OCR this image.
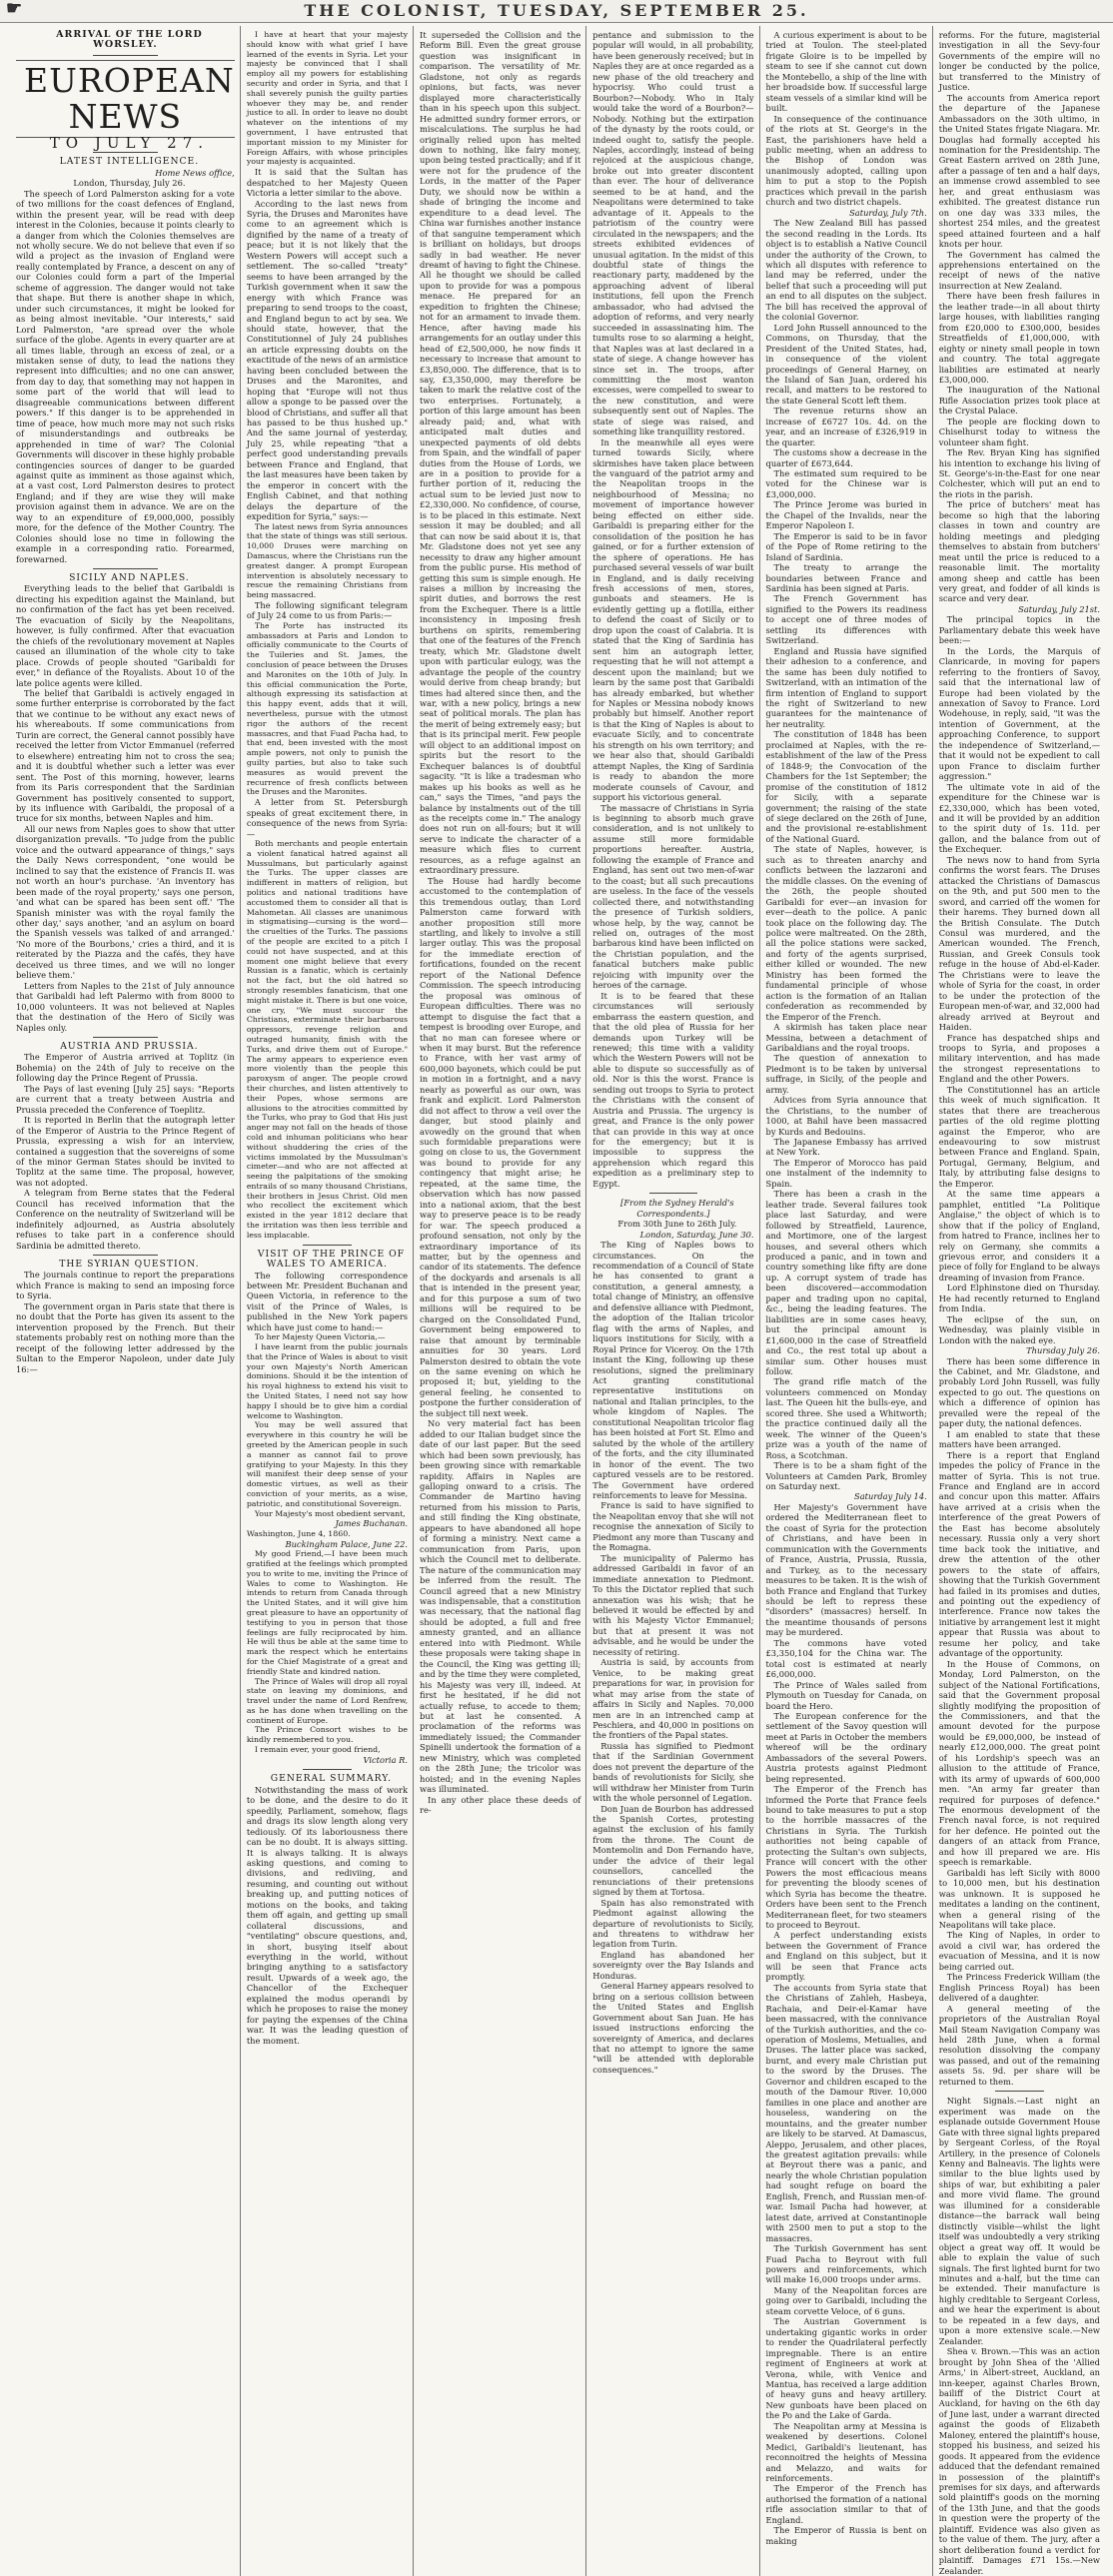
☛	THE COLONIST, TUESDAY, SEPTEMBER 25.

ARRIVAL OF THE LORD WORSLEY.

EUROPEAN NEWS

TO JULY 27.

LATEST INTELLIGENCE.

Home News office,

London, Thursday, July 26.

The speech of Lord Palmerston asking for a vote of two millions for the coast defences of England, within the present year, will be read with deep interest in the Colonies, because it points clearly to a danger from which the Colonies themselves are not wholly secure. We do not believe that even if so wild a project as the invasion of England were really contemplated by France, a descent on any of our Colonies could form a part of the Imperial scheme of aggression. The danger would not take that shape. But there is another shape in which, under such circumstances, it might be looked for as being almost inevitable. "Our interests," said Lord Palmerston, "are spread over the whole surface of the globe. Agents in every quarter are at all times liable, through an excess of zeal, or a mistaken sense of duty, to lead the nations they represent into difficulties; and no one can answer, from day to day, that something may not happen in some part of the world that will lead to disagreeable communications between different powers." If this danger is to be apprehended in time of peace, how much more may not such risks of misunderstandings and outbreaks be apprehended in time of war? The Colonial Governments will discover in these highly probable contingencies sources of danger to be guarded against quite as imminent as those against which, at a vast cost, Lord Palmerston desires to protect England; and if they are wise they will make provision against them in advance. We are on the way to an expenditure of £9,000,000, possibly more, for the defence of the Mother Country. The Colonies should lose no time in following the example in a corresponding ratio. Forearmed, forewarned.

SICILY AND NAPLES.

Everything leads to the belief that Garibaldi is directing his expedition against the Mainland, but no confirmation of the fact has yet been received. The evacuation of Sicily by the Neapolitans, however, is fully confirmed. After that evacuation the chiefs of the revolutionary movement at Naples caused an illumination of the whole city to take place. Crowds of people shouted "Garibaldi for ever," in defiance of the Royalists. About 10 of the late police agents were killed.

The belief that Garibaldi is actively engaged in some further enterprise is corroborated by the fact that we continue to be without any exact news of his whereabouts. If some communications from Turin are correct, the General cannot possibly have received the letter from Victor Emmanuel (referred to elsewhere) entreating him not to cross the sea; and it is doubtful whether such a letter was ever sent. The Post of this morning, however, learns from its Paris correspondent that the Sardinian Government has positively consented to support, by its influence with Garibaldi, the proposal of a truce for six months, between Naples and him.

All our news from Naples goes to show that utter disorganization prevails. "To judge from the public voice and the outward appearance of things," says the Daily News correspondent, "one would be inclined to say that the existence of Francis II. was not worth an hour's purchase. 'An inventory has been made of the royal property,' says one person, 'and what can be spared has been sent off.' 'The Spanish minister was with the royal family the other day,' says another, 'and an asylum on board the Spanish vessels was talked of and arranged.' 'No more of the Bourbons,' cries a third, and it is reiterated by the Piazza and the cafés, they have deceived us three times, and we will no longer believe them.'

Letters from Naples to the 21st of July announce that Garibaldi had left Palermo with from 8000 to 10,000 volunteers. It was not believed at Naples that the destination of the Hero of Sicily was Naples only.

AUSTRIA AND PRUSSIA.

The Emperor of Austria arrived at Toplitz (in Bohemia) on the 24th of July to receive on the following day the Prince Regent of Prussia.

The Pays of last evening [July 25] says: "Reports are current that a treaty between Austria and Prussia preceded the Conference of Toeplitz.

It is reported in Berlin that the autograph letter of the Emperor of Austria to the Prince Regent of Prussia, expressing a wish for an interview, contained a suggestion that the sovereigns of some of the minor German States should be invited to Toplitz at the same time. The proposal, however, was not adopted.

A telegram from Berne states that the Federal Council has received information that the Conference on the neutrality of Switzerland will be indefinitely adjourned, as Austria absolutely refuses to take part in a conference should Sardinia be admitted thereto.

THE SYRIAN QUESTION.

The journals continue to report the preparations which France is making to send an imposing force to Syria.

The government organ in Paris state that there is no doubt that the Porte has given its assent to the intervention proposed by the French. But their statements probably rest on nothing more than the receipt of the following letter addressed by the Sultan to the Emperor Napoleon, under date July 16:—

I have at heart that your majesty should know with what grief I have learned of the events in Syria. Let your majesty be convinced that I shall employ all my powers for establishing security and order in Syria, and that I shall severely punish the guilty parties whoever they may be, and render justice to all. In order to leave no doubt whatever on the intentions of my government, I have entrusted that important mission to my Minister for Foreign Affairs, with whose principles your majesty is acquainted.

It is said that the Sultan has despatched to her Majesty Queen Victoria a letter similar to the above.

According to the last news from Syria, the Druses and Maronites have come to an agreement which is dignified by the name of a treaty of peace; but it is not likely that the Western Powers will accept such a settlement. The so-called "treaty" seems to have been arranged by the Turkish government when it saw the energy with which France was preparing to send troops to the coast, and England begun to act by sea. We should state, however, that the Constitutionnel of July 24 publishes an article expressing doubts on the exactitude of the news of an armistice having been concluded between the Druses and the Maronites, and hoping that "Europe will not thus allow a sponge to be passed over the blood of Christians, and suffer all that has passed to be thus hushed up." And the same journal of yesterday, July 25, while repeating "that a perfect good understanding prevails between France and England, that the last measures have been taken by the emperor in concert with the English Cabinet, and that nothing delays the departure of the expedition for Syria," says:—

The latest news from Syria announces that the state of things was still serious. 10,000 Druses were marching on Damascus, where the Christians run the greatest danger. A prompt European intervention is absolutely necessary to rescue the remaining Christians from being massacred.

The following significant telegram of July 24 come to us from Paris:—

The Porte has instructed its ambassadors at Paris and London to officially communicate to the Courts of the Tuileries and St. James, the conclusion of peace between the Druses and Maronites on the 10th of July. In this official communication the Porte, although expressing its satisfaction at this happy event, adds that it will, nevertheless, pursue with the utmost rigor the authors of the recent massacres, and that Fuad Pacha had, to that end, been invested with the most ample powers, not only to punish the guilty parties, but also to take such measures as would prevent the recurrence of fresh conflicts between the Druses and the Maronites.

A letter from St. Petersburgh speaks of great excitement there, in consequence of the news from Syria:—

Both merchants and people entertain a violent fanatical hatred against all Mussulmans, but particularly against the Turks. The upper classes are indifferent in matters of religion, but politics and national traditions have accustomed them to consider all that is Mahometan. All classes are unanimous in stigmatising—cursing is the word—the cruelties of the Turks. The passions of the people are excited to a pitch I could not have suspected, and at this moment one might believe that every Russian is a fanatic, which is certainly not the fact, but the old hatred so strongly resembles fanaticism, that one might mistake it. There is but one voice, one cry, "We must succour the Christians, exterminate their barbarous oppressors, revenge religion and outraged humanity, finish with the Turks, and drive them out of Europe." The army appears to experience even more violently than the people this paroxysm of anger. The people crowd their churches, and listen attentively to their Popes, whose sermons are allusions to the atrocities committed by the Turks, who pray to God that His just anger may not fall on the heads of those cold and inhuman politicians who hear without shuddering the cries of the victims immolated by the Mussulman's cimeter—and who are not affected at seeing the palpitations of the smoking entrails of so many thousand Christians, their brothers in Jesus Christ. Old men who recollect the excitement which existed in the year 1812 declare that the irritation was then less terrible and less implacable.

VISIT OF THE PRINCE OF WALES TO AMERICA.

The following correspondence between Mr. President Buchanan and Queen Victoria, in reference to the visit of the Prince of Wales, is published in the New York papers which have just come to hand:—

To her Majesty Queen Victoria,—

I have learnt from the public journals that the Prince of Wales is about to visit your own Majesty's North American dominions. Should it be the intention of his royal highness to extend his visit to the United States, I need not say how happy I should be to give him a cordial welcome to Washington.

You may be well assured that everywhere in this country he will be greeted by the American people in such a manner as cannot fail to prove gratifying to your Majesty. In this they will manifest their deep sense of your domestic virtues, as well as their conviction of your merits, as a wise, patriotic, and constitutional Sovereign.

Your Majesty's most obedient servant,

James Buchanan.

Washington, June 4, 1860.

Buckingham Palace, June 22.

My good Friend,—I have been much gratified at the feelings which prompted you to write to me, inviting the Prince of Wales to come to Washington. He intends to return from Canada through the United States, and it will give him great pleasure to have an opportunity of testifying to you in person that those feelings are fully reciprocated by him. He will thus be able at the same time to mark the respect which he entertains for the Chief Magistrate of a great and friendly State and kindred nation.

The Prince of Wales will drop all royal state on leaving my dominions, and travel under the name of Lord Renfrew, as he has done when travelling on the continent of Europe.

The Prince Consort wishes to be kindly remembered to you.

I remain ever, your good friend,

Victoria R.

GENERAL SUMMARY.

Notwithstanding the mass of work to be done, and the desire to do it speedily, Parliament, somehow, flags and drags its slow length along very tediously. Of its laboriousness there can be no doubt. It is always sitting. It is always talking. It is always asking questions, and coming to divisions, and rediviing, and resuming, and counting out without breaking up, and putting notices of motions on the books, and taking them off again, and getting up small collateral discussions, and "ventilating" obscure questions, and, in short, busying itself about everything in the world, without bringing anything to a satisfactory result. Upwards of a week ago, the Chancellor of the Exchequer explained the modus operandi by which he proposes to raise the money for paying the expenses of the China war. It was the leading question of the moment.

It superseded the Collision and the Reform Bill. Even the great grouse question was insignificant in comparison. The versatility of Mr. Gladstone, not only as regards opinions, but facts, was never displayed more characteristically than in his speech upon this subject. He admitted sundry former errors, or miscalculations. The surplus he had originally relied upon has melted down to nothing, like fairy money, upon being tested practically; and if it were not for the prudence of the Lords, in the matter of the Paper Duty, we should now be within a shade of bringing the income and expenditure to a dead level. The China war furnishes another instance of that sanguine temperament which is brilliant on holidays, but droops sadly in bad weather. He never dreamt of having to fight the Chinese. All he thought we should be called upon to provide for was a pompous menace. He prepared for an expedition to frighten the Chinese; not for an armament to invade them. Hence, after having made his arrangements for an outlay under this head of £2,500,000, he now finds it necessary to increase that amount to £3,850,000. The difference, that is to say, £3,350,000, may therefore be taken to mark the relative cost of the two enterprises. Fortunately, a portion of this large amount has been already paid; and, what with anticipated malt duties and unexpected payments of old debts from Spain, and the windfall of paper duties from the House of Lords, we are in a position to provide for a further portion of it, reducing the actual sum to be levied just now to £2,330,000. No confidence, of course, is to be placed in this estimate. Next session it may be doubled; and all that can now be said about it is, that Mr. Gladstone does not yet see any necessity to draw any higher amount from the public purse. His method of getting this sum is simple enough. He raises a million by increasing the spirit duties, and borrows the rest from the Exchequer. There is a little inconsistency in imposing fresh burthens on spirits, remembering that one of the features of the French treaty, which Mr. Gladstone dwelt upon with particular eulogy, was the advantage the people of the country would derive from cheap brandy; but times had altered since then, and the war, with a new policy, brings a new seat of political morals. The plan has the merit of being extremely easy; but that is its principal merit. Few people will object to an additional impost on spirits but the resort to the Exchequer balances is of doubtful sagacity. "It is like a tradesman who makes up his books as well as he can," says the Times, "and pays the balance by instalments out of the till as the receipts come in." The analogy does not run on all-fours; but it will serve to indicate the character of a measure which flies to current resources, as a refuge against an extraordinary pressure.

The House had hardly become accustomed to the contemplation of this tremendous outlay, than Lord Palmerston came forward with another proposition still more startling, and likely to involve a still larger outlay. This was the proposal for the immediate erection of fortifications, founded on the recent report of the National Defence Commission. The speech introducing the proposal was ominous of European difficulties. There was no attempt to disguise the fact that a tempest is brooding over Europe, and that no man can foresee where or when it may burst. But the reference to France, with her vast army of 600,000 bayonets, which could be put in motion in a fortnight, and a navy nearly as powerful as our own, was frank and explicit. Lord Palmerston did not affect to throw a veil over the danger, but stood plainly and avowedly on the ground that when such formidable preparations were going on close to us, the Government was bound to provide for any contingency that might arise; he repeated, at the same time, the observation which has now passed into a national axiom, that the best way to preserve peace is to be ready for war. The speech produced a profound sensation, not only by the extraordinary importance of its matter, but by the openness and candor of its statements. The defence of the dockyards and arsenals is all that is intended in the present year, and for this purpose a sum of two millions will be required to be charged on the Consolidated Fund, Government being empowered to raise that amount by terminable annuities for 30 years. Lord Palmerston desired to obtain the vote on the same evening on which he proposed it; but, yielding to the general feeling, he consented to postpone the further consideration of the subject till next week.

No very material fact has been added to our Italian budget since the date of our last paper. But the seed which had been sown previously, has been growing since with remarkable rapidity. Affairs in Naples are galloping onward to a crisis. The Commander de Martino having returned from his mission to Paris, and still finding the King obstinate, appears to have abandoned all hope of forming a ministry. Next came a communication from Paris, upon which the Council met to deliberate. The nature of the communication may be inferred from the result. The Council agreed that a new Ministry was indispensable, that a constitution was necessary, that the national flag should be adopted, a full and free amnesty granted, and an alliance entered into with Piedmont. While these proposals were taking shape in the Council, the King was getting ill; and by the time they were completed, his Majesty was very ill, indeed. At first he hesitated, if he did not actually refuse, to accede to them; but at last he consented. A proclamation of the reforms was immediately issued; the Commander Spinelli undertook the formation of a new Ministry, which was completed on the 28th June; the tricolor was hoisted; and in the evening Naples was illuminated.

In any other place these deeds of re-

pentance and submission to the popular will would, in all probability, have been generously received; but in Naples they are at once regarded as a new phase of the old treachery and hypocrisy. Who could trust a Bourbon?—Nobody. Who in Italy would take the word of a Bourbon?—Nobody. Nothing but the extirpation of the dynasty by the roots could, or indeed ought to, satisfy the people. Naples, accordingly, instead of being rejoiced at the auspicious change, broke out into greater discontent than ever. The hour of deliverance seemed to be at hand, and the Neapolitans were determined to take advantage of it. Appeals to the patriotism of the country were circulated in the newspapers; and the streets exhibited evidences of unusual agitation. In the midst of this doubtful state of things the reactionary party, maddened by the approaching advent of liberal institutions, fell upon the French ambassador, who had advised the adoption of reforms, and very nearly succeeded in assassinating him. The tumults rose to so alarming a height, that Naples was at last declared in a state of siege. A change however has since set in. The troops, after committing the most wanton excesses, were compelled to swear to the new constitution, and were subsequently sent out of Naples. The state of siege was raised, and something like tranquillity restored.

In the meanwhile all eyes were turned towards Sicily, where skirmishes have taken place between the vanguard of the patriot army and the Neapolitan troops in the neighbourhood of Messina; no movement of importance however being effected on either side. Garibaldi is preparing either for the consolidation of the position he has gained, or for a further extension of the sphere of operations. He has purchased several vessels of war built in England, and is daily receiving fresh accessions of men, stores, gunboats and steamers. He is evidently getting up a flotilla, either to defend the coast of Sicily or to drop upon the coast of Calabria. It is stated that the King of Sardinia has sent him an autograph letter, requesting that he will not attempt a descent upon the mainland; but we learn by the same post that Garibaldi has already embarked, but whether for Naples or Messina nobody knows probably but himself. Another report is that the King of Naples is about to evacuate Sicily, and to concentrate his strength on his own territory; and we hear also that, should Garibaldi attempt Naples, the King of Sardinia is ready to abandon the more moderate counsels of Cavour, and support his victorious general.

The massacre of Christians in Syria is beginning to absorb much grave consideration, and is not unlikely to assume still more formidable proportions hereafter. Austria, following the example of France and England, has sent out two men-of-war to the coast; but all such precautions are useless. In the face of the vessels collected there, and notwithstanding the presence of Turkish soldiers, whose help, by the way, cannot be relied on, outrages of the most barbarous kind have been inflicted on the Christian population, and the fanatical butchers make public rejoicing with impunity over the heroes of the carnage.

It is to be feared that these circumstances will seriously embarrass the eastern question, and that the old plea of Russia for her demands upon Turkey will be renewed; this time with a validity which the Western Powers will not be able to dispute so successfully as of old. Nor is this the worst. France is sending out troops to Syria to protect the Christians with the consent of Austria and Prussia. The urgency is great, and France is the only power that can provide in this way at once for the emergency; but it is impossible to suppress the apprehension which regard this expedition as a preliminary step to Egypt.

[From the Sydney Herald's Correspondents.]

From 30th June to 26th July.

London, Saturday, June 30.

The King of Naples bows to circumstances. On the recommendation of a Council of State he has consented to grant a constitution, a general amnesty, a total change of Ministry, an offensive and defensive alliance with Piedmont, the adoption of the Italian tricolor flag with the arms of Naples, and liquors institutions for Sicily, with a Royal Prince for Viceroy. On the 17th instant the King, following up these resolutions, signed the preliminary Act granting constitutional representative institutions on national and Italian principles, to the whole kingdom of Naples. The constitutional Neapolitan tricolor flag has been hoisted at Fort St. Elmo and saluted by the whole of the artillery of the forts, and the city illuminated in honor of the event. The two captured vessels are to be restored. The Government have ordered reinforcements to leave for Messina.

France is said to have signified to the Neapolitan envoy that she will not recognise the annexation of Sicily to Piedmont any more than Tuscany and the Romagna.

The municipality of Palermo has addressed Garibaldi in favor of an immediate annexation to Piedmont. To this the Dictator replied that such annexation was his wish; that he believed it would be effected by and with his Majesty Victor Emmanuel; but that at present it was not advisable, and he would be under the necessity of retiring.

Austria is said, by accounts from Venice, to be making great preparations for war, in provision for what may arise from the state of affairs in Sicily and Naples. 70,000 men are in an intrenched camp at Peschiera, and 40,000 in positions on the frontiers of the Papal states.

Russia has signified to Piedmont that if the Sardinian Government does not prevent the departure of the bands of revolutionists for Sicily, she will withdraw her Minister from Turin with the whole personnel of Legation.

Don Juan de Bourbon has addressed the Spanish Cortes, protesting against the exclusion of his family from the throne. The Count de Montemolin and Don Fernando have, under the advice of their legal counsellors, cancelled the renunciations of their pretensions signed by them at Tortosa.

Spain has also remonstrated with Piedmont against allowing the departure of revolutionists to Sicily, and threatens to withdraw her legation from Turin.

England has abandoned her sovereignty over the Bay Islands and Honduras.

General Harney appears resolved to bring on a serious collision between the United States and English Government about San Juan. He has issued instructions enforcing the sovereignty of America, and declares that no attempt to ignore the same "will be attended with deplorable consequences."

A curious experiment is about to be tried at Toulon. The steel-plated frigate Gloire is to be impelled by steam to see if she cannot cut down the Montebello, a ship of the line with her broadside bow. If successful large steam vessels of a similar kind will be built.

In consequence of the continuance of the riots at St. George's in the East, the parishioners have held a public meeting, when an address to the Bishop of London was unanimously adopted, calling upon him to put a stop to the Popish practices which prevail in the parish church and two district chapels.

Saturday, July 7th.

The New Zealand Bill has passed the second reading in the Lords. Its object is to establish a Native Council under the authority of the Crown, to which all disputes with reference to land may be referred, under the belief that such a proceeding will put an end to all disputes on the subject. The bill has received the approval of the colonial Governor.

Lord John Russell announced to the Commons, on Thursday, that the President of the United States, had, in consequence of the violent proceedings of General Harney, on the Island of San Juan, ordered his recall, and matters to be restored to the state General Scott left them.

The revenue returns show an increase of £6727 10s. 4d. on the year, and an increase of £326,919 in the quarter.

The customs show a decrease in the quarter of £673,644.

The estimated sum required to be voted for the Chinese war is £3,000,000.

The Prince Jerome was buried in the Chapel of the Invalids, near the Emperor Napoleon I.

The Emperor is said to be in favor of the Pope of Rome retiring to the Island of Sardinia.

The treaty to arrange the boundaries between France and Sardinia has been signed at Paris.

The French Government has signified to the Powers its readiness to accept one of three modes of settling its differences with Switzerland.

England and Russia have signified their adhesion to a conference, and the same has been duly notified to Switzerland, with an intimation of the firm intention of England to support the right of Switzerland to new guarantees for the maintenance of her neutrality.

The constitution of 1848 has been proclaimed at Naples, with the re-establishment of the law of the Press of 1848-9; the Convocation of the Chambers for the 1st September; the promise of the constitution of 1812 for Sicily, with a separate government; the raising of the state of siege declared on the 26th of June, and the provisional re-establishment of the National Guard.

The state of Naples, however, is such as to threaten anarchy and conflicts between the lazzaroni and the middle classes. On the evening of the 26th, the people shouted Garibaldi for ever—an invasion for ever—death to the police. A panic took place on the following day. The police were maltreated. On the 28th, all the police stations were sacked, and forty of the agents surprised, either killed or wounded. The new Ministry has been formed the fundamental principle of whose action is the formation of an Italian confederation as recommended by the Emperor of the French.

A skirmish has taken place near Messina, between a detachment of Garibaldians and the royal troops.

The question of annexation to Piedmont is to be taken by universal suffrage, in Sicily, of the people and army.

Advices from Syria announce that the Christians, to the number of 1000, at Bahil have been massacred by Kurds and Bedouins.

The Japanese Embassy has arrived at New York.

The Emperor of Morocco has paid one instalment of the indemnity to Spain.

There has been a crash in the leather trade. Several failures took place last Saturday, and were followed by Streatfield, Laurence, and Mortimore, one of the largest houses, and several others which produced a panic, and in town and country something like fifty are done up. A corrupt system of trade has been discovered—accommodation paper and trading upon no capital, &c., being the leading features. The liabilities are in some cases heavy, but the principal amount is £1,600,000 in the case of Streatfield and Co., the rest total up about a similar sum. Other houses must follow.

The grand rifle match of the volunteers commenced on Monday last. The Queen hit the bulls-eye, and scored three. She used a Whitworth; the practice continued daily all the week. The winner of the Queen's prize was a youth of the name of Ross, a Scotchman.

There is to be a sham fight of the Volunteers at Camden Park, Bromley on Saturday next.

Saturday July 14.

Her Majesty's Government have ordered the Mediterranean fleet to the coast of Syria for the protection of Christians, and have been in communication with the Governments of France, Austria, Prussia, Russia, and Turkey, as to the necessary measures to be taken. It is the wish of both France and England that Turkey should be left to repress these "disorders" (massacres) herself. In the meantime thousands of persons may be murdered.

The commons have voted £3,350,104 for the China war. The total cost is estimated at nearly £6,000,000.

The Prince of Wales sailed from Plymouth on Tuesday for Canada, on board the Hero.

The European conference for the settlement of the Savoy question will meet at Paris in October the members whereof will be the ordinary Ambassadors of the several Powers. Austria protests against Piedmont being represented.

The Emperor of the French has informed the Porte that France feels bound to take measures to put a stop to the horrible massacres of the Christians in Syria. The Turkish authorities not being capable of protecting the Sultan's own subjects, France will concert with the other Powers the most efficacious means for preventing the bloody scenes of which Syria has become the theatre. Orders have been sent to the French Mediterranean fleet, for two steamers to proceed to Beyrout.

A perfect understanding exists between the Government of France and England on this subject, but it will be seen that France acts promptly.

The accounts from Syria state that the Christians of Zahleh, Hasbeya, Rachaia, and Deir-el-Kamar have been massacred, with the connivance of the Turkish authorities, and the co-operation of Moslems, Metualies, and Druses. The latter place was sacked, burnt, and every male Christian put to the sword by the Druses. The Governor and children escaped to the mouth of the Damour River. 10,000 families in one place and another are houseless, wandering on the mountains, and the greater number are likely to be starved. At Damascus, Aleppo, Jerusalem, and other places, the greatest agitation prevails: while at Beyrout there was a panic, and nearly the whole Christian population had sought refuge on board the English, French, and Russian men-of-war. Ismail Pacha had however, at latest date, arrived at Constantinople with 2500 men to put a stop to the massacres.

The Turkish Government has sent Fuad Pacha to Beyrout with full powers and reinforcements, which will make 16,000 troops under arms.

Many of the Neapolitan forces are going over to Garibaldi, including the steam corvette Veloce, of 6 guns.

The Austrian Government is undertaking gigantic works in order to render the Quadrilateral perfectly impregnable. There is an entire regiment of Engineers at work at Verona, while, with Venice and Mantua, has received a large addition of heavy guns and heavy artillery. New gunboats have been placed on the Po and the Lake of Garda.

The Neapolitan army at Messina is weakened by desertions. Colonel Medici, Garibaldi's lieutenant, has reconnoitred the heights of Messina and Melazzo, and waits for reinforcements.

The Emperor of the French has authorised the formation of a national rifle association similar to that of England.

The Emperor of Russia is bent on making

reforms. For the future, magisterial investigation in all the Sevy-four Governments of the empire will no longer be conducted by the police, but transferred to the Ministry of Justice.

The accounts from America report the departure of the Japanese Ambassadors on the 30th ultimo, in the United States frigate Niagara. Mr. Douglas had formally accepted his nomination for the Presidentship. The Great Eastern arrived on 28th June, after a passage of ten and a half days, an immense crowd assembled to see her, and great enthusiasm was exhibited. The greatest distance run on one day was 333 miles, the shortest 254 miles, and the greatest speed attained fourteen and a half knots per hour.

The Government has calmed the apprehensions entertained on the receipt of news of the native insurrection at New Zealand.

There have been fresh failures in the leather trade—in all about thirty large houses, with liabilities ranging from £20,000 to £300,000, besides Streatfields of £1,000,000, with eighty or ninety small people in town and country. The total aggregate liabilities are estimated at nearly £3,000,000.

The inauguration of the National Rifle Association prizes took place at the Crystal Palace.

The people are flocking down to Chiselhurst today to witness the volunteer sham fight.

The Rev. Bryan King has signified his intention to exchange his living of St. George's-in-the-East for one near Colchester, which will put an end to the riots in the parish.

The price of butchers' meat has become so high that the laboring classes in town and country are holding meetings and pledging themselves to abstain from butchers' meat until the price is reduced to a reasonable limit. The mortality among sheep and cattle has been very great, and fodder of all kinds is scarce and very dear.

Saturday, July 21st.

The principal topics in the Parliamentary debate this week have been:—

In the Lords, the Marquis of Clanricarde, in moving for papers referring to the frontiers of Savoy, said that the international law of Europe had been violated by the annexation of Savoy to France. Lord Wodehouse, in reply, said, "it was the intention of Government, at the approaching Conference, to support the independence of Switzerland,—that it would not be expedient to call upon France to disclaim further aggression."

The ultimate vote in aid of the expenditure for the Chinese war is £2,330,000, which has been voted, and it will be provided by an addition to the spirit duty of 1s. 11d. per gallon, and the balance from out of the Exchequer.

The news now to hand from Syria confirms the worst fears. The Druses attacked the Christians of Damascus on the 9th, and put 500 men to the sword, and carried off the women for their harems. They burned down all the British Consulate. The Dutch Consul was murdered, and the American wounded. The French, Russian, and Greek Consuls took refuge in the house of Abd-el-Kader. The Christians were to leave the whole of Syria for the coast, in order to be under the protection of the European men-of-war, and 32,000 had already arrived at Beyrout and Haiden.

France has despatched ships and troops to Syria, and proposes a military intervention, and has made the strongest representations to England and the other Powers.

The Constitutionnel has an article this week of much signification. It states that there are treacherous parties of the old regime plotting against the Emperor, who are endeavouring to sow mistrust between France and England. Spain, Portugal, Germany, Belgium, and Italy, by attributing false designs to the Emperor.

At the same time appears a pamphlet, entitled "La Politique Anglaise," the object of which is to show that if the policy of England, from hatred to France, inclines her to rely on Germany, she commits a grievous error, and considers it a piece of folly for England to be always dreaming of invasion from France.

Lord Elphinstone died on Thursday. He had recently returned to England from India.

The eclipse of the sun, on Wednesday, was plainly visible in London with the naked eye.

Thursday July 26.

There has been some difference in the Cabinet, and Mr. Gladstone, and probably Lord John Russell, was fully expected to go out. The questions on which a difference of opinion has prevailed were the repeal of the paper duty, the national defences.

I am enabled to state that these matters have been arranged.

There is a report that England impedes the policy of France in the matter of Syria. This is not true. France and England are in accord and concur upon this matter. Affairs have arrived at a crisis when the interference of the great Powers of the East has become absolutely necessary. Russia only a very short time back took the initiative, and drew the attention of the other powers to the state of affairs, showing that the Turkish Government had failed in its promises and duties, and pointing out the expediency of interference. France now takes the initiative by arrangement lest it might appear that Russia was about to resume her policy, and take advantage of the opportunity.

In the House of Commons, on Monday, Lord Palmerston, on the subject of the National Fortifications, said that the Government proposal slightly modifying the proposition of the Commissioners, and that the amount devoted for the purpose would be £9,000,000, be instead of nearly £12,000,000. The great point of his Lordship's speech was an allusion to the attitude of France, with its army of upwards of 600,000 men. "An army far greater than required for purposes of defence." The enormous development of the French naval force, is not required for her defence. He pointed out the dangers of an attack from France, and how ill prepared we are. His speech is remarkable.

Garibaldi has left Sicily with 8000 to 10,000 men, but his destination was unknown. It is supposed he meditates a landing on the continent, when a general rising of the Neapolitans will take place.

The King of Naples, in order to avoid a civil war, has ordered the evacuation of Messina, and it is now being carried out.

The Princess Frederick William (the English Princess Royal) has been delivered of a daughter.

A general meeting of the proprietors of the Australian Royal Mail Steam Navigation Company was held 28th June, when a formal resolution dissolving the company was passed, and out of the remaining assets 5s. 9d. per share will be returned to them.

Night Signals.—Last night an experiment was made on the esplanade outside Government House Gate with three signal lights prepared by Sergeant Corless, of the Royal Artillery, in the presence of Colonels Kenny and Balneavis. The lights were similar to the blue lights used by ships of war, but exhibiting a paler and more vivid flame. The ground was illumined for a considerable distance—the barrack wall being distinctly visible—whilst the light itself was undoubtedly a very striking object a great way off. It would be able to explain the value of such signals. The first lighted burnt for two minutes and a-half, but the time can be extended. Their manufacture is highly creditable to Sergeant Corless, and we hear the experiment is about to be repeated in a few days, and upon a more extensive scale.—New Zealander.

Shea v. Brown.—This was an action brought by John Shea of the 'Allied Arms,' in Albert-street, Auckland, an inn-keeper, against Charles Brown, bailiff of the District Court at Auckland, for having on the 6th day of June last, under a warrant directed against the goods of Elizabeth Maloney, entered the plaintiff's house, stopped his business, and seized his goods. It appeared from the evidence adduced that the defendant remained in possession of the plaintiff's premises for six days, and afterwards sold plaintiff's goods on the morning of the 13th June, and that the goods in question were the property of the plaintiff. Evidence was also given as to the value of them. The jury, after a short deliberation found a verdict for plaintiff. Damages £71 15s.—New Zealander.
